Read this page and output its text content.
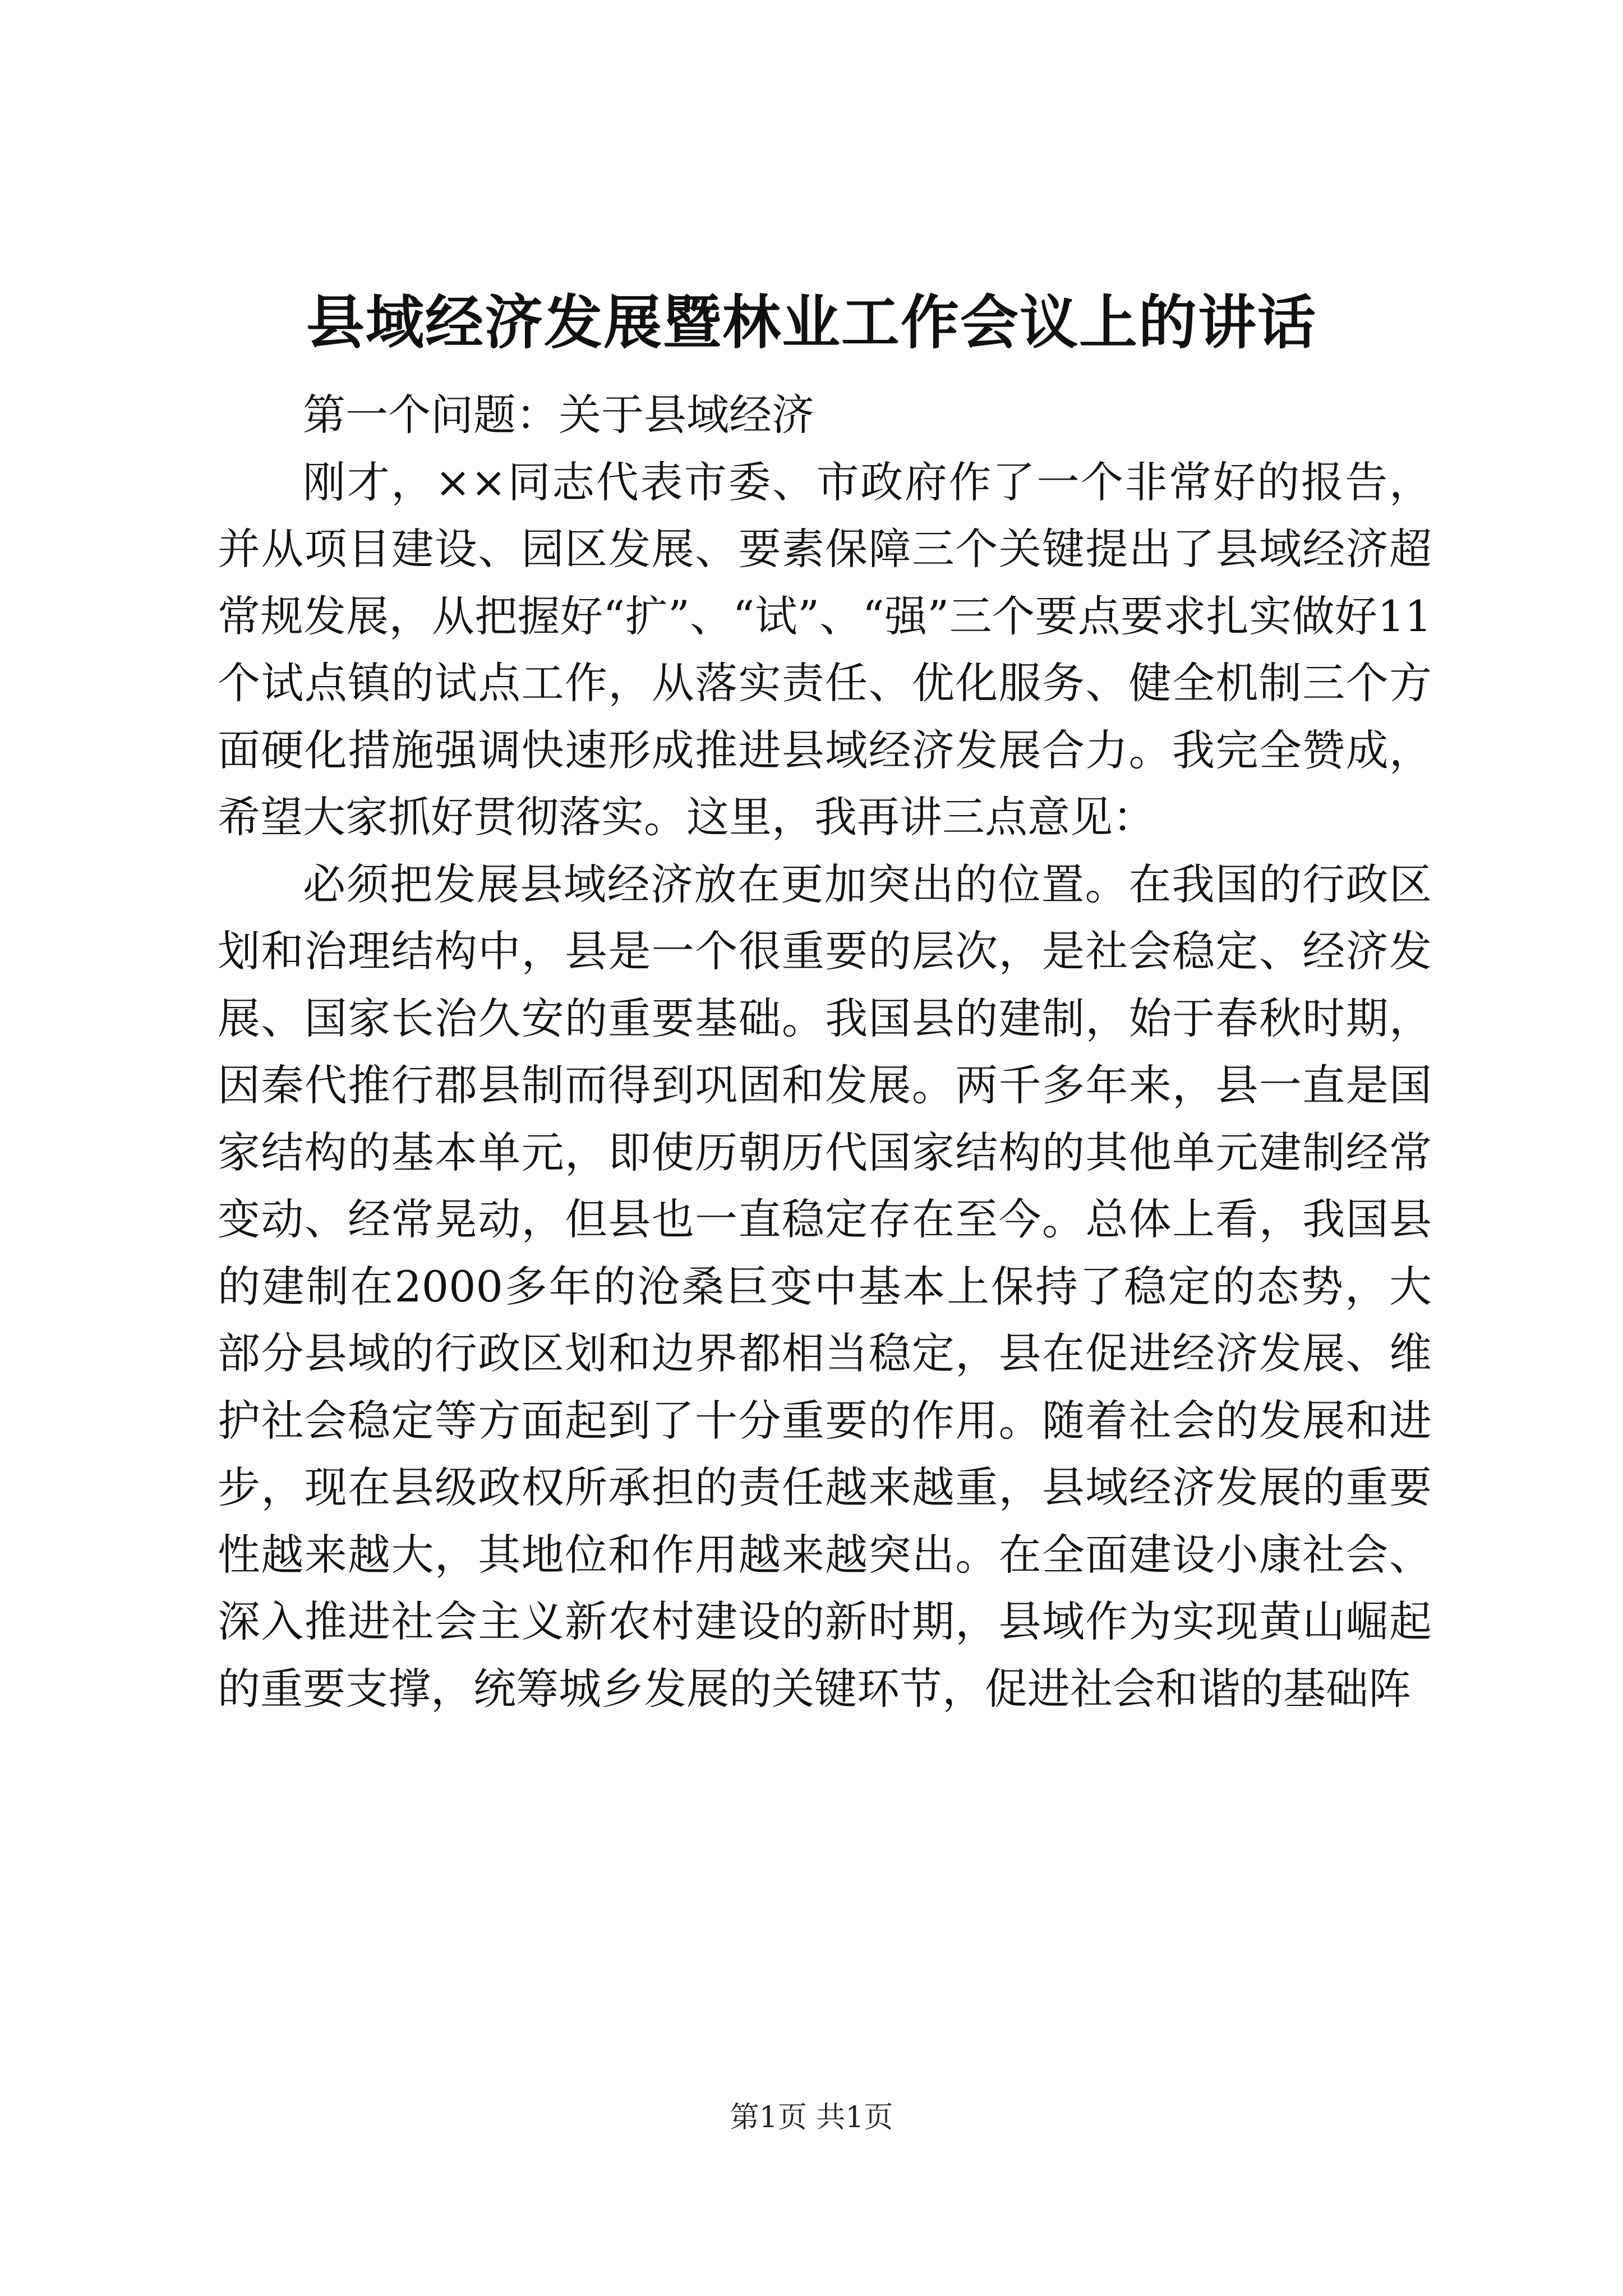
县域经济发展暨林业工作会议上的讲话

第一个问题：关于县域经济

刚才，××同志代表市委、市政府作了一个非常好的报告，并从项目建设、园区发展、要素保障三个关键提出了县域经济超常规发展，从把握好“扩”、“试”、“强”三个要点要求扎实做好11个试点镇的试点工作，从落实责任、优化服务、健全机制三个方面硬化措施强调快速形成推进县域经济发展合力。我完全赞成，希望大家抓好贯彻落实。这里，我再讲三点意见：

必须把发展县域经济放在更加突出的位置。在我国的行政区划和治理结构中，县是一个很重要的层次，是社会稳定、经济发展、国家长治久安的重要基础。我国县的建制，始于春秋时期，因秦代推行郡县制而得到巩固和发展。两千多年来，县一直是国家结构的基本单元，即使历朝历代国家结构的其他单元建制经常变动、经常晃动，但县也一直稳定存在至今。总体上看，我国县的建制在2000多年的沧桑巨变中基本上保持了稳定的态势，大部分县域的行政区划和边界都相当稳定，县在促进经济发展、维护社会稳定等方面起到了十分重要的作用。随着社会的发展和进步，现在县级政权所承担的责任越来越重，县域经济发展的重要性越来越大，其地位和作用越来越突出。在全面建设小康社会、深入推进社会主义新农村建设的新时期，县域作为实现黄山崛起的重要支撑，统筹城乡发展的关键环节，促进社会和谐的基础阵

第1页 共1页
